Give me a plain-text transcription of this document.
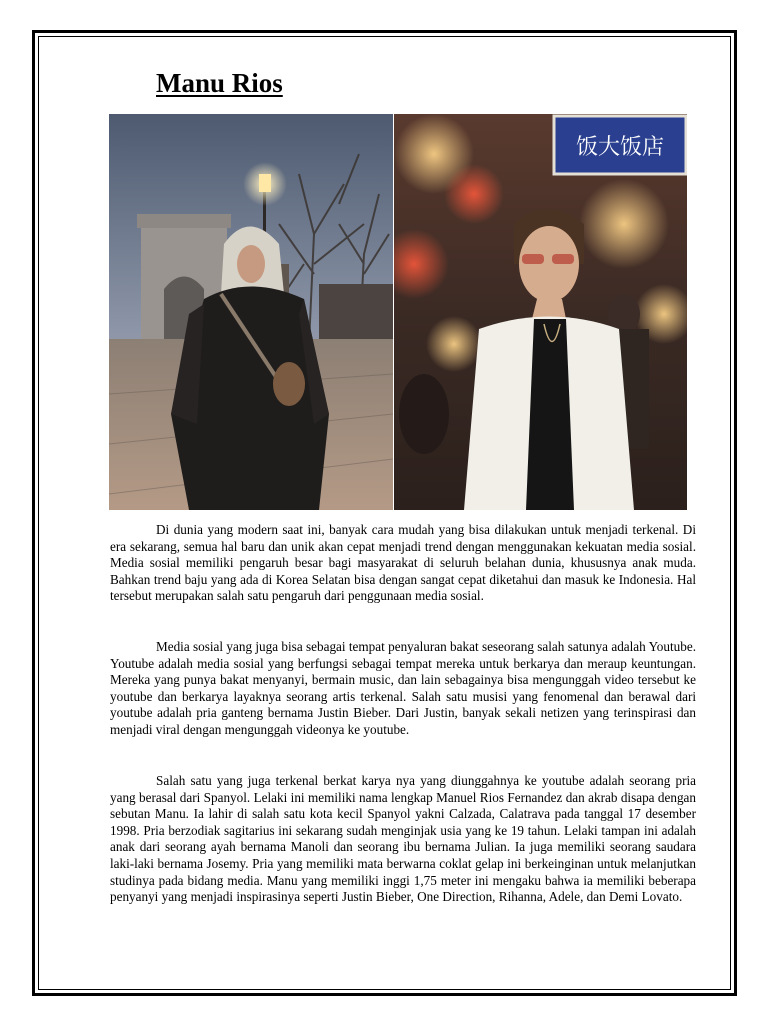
Manu Rios
饭大饭店

Di dunia yang modern saat ini, banyak cara mudah yang bisa dilakukan untuk menjadi terkenal. Di era sekarang, semua hal baru dan unik akan cepat menjadi trend dengan menggunakan kekuatan media sosial. Media sosial memiliki pengaruh besar bagi masyarakat di seluruh belahan dunia, khususnya anak muda. Bahkan trend baju yang ada di Korea Selatan bisa dengan sangat cepat diketahui dan masuk ke Indonesia. Hal tersebut merupakan salah satu pengaruh dari penggunaan media sosial.

Media sosial yang juga bisa sebagai tempat penyaluran bakat seseorang salah satunya adalah Youtube. Youtube adalah media sosial yang berfungsi sebagai tempat mereka untuk berkarya dan meraup keuntungan. Mereka yang punya bakat menyanyi, bermain music, dan lain sebagainya bisa mengunggah video tersebut ke youtube dan berkarya layaknya seorang artis terkenal. Salah satu musisi yang fenomenal dan berawal dari youtube adalah pria ganteng bernama Justin Bieber. Dari Justin, banyak sekali netizen yang terinspirasi dan menjadi viral dengan mengunggah videonya ke youtube.

Salah satu yang juga terkenal berkat karya nya yang diunggahnya ke youtube adalah seorang pria yang berasal dari Spanyol. Lelaki ini memiliki nama lengkap Manuel Rios Fernandez dan akrab disapa dengan sebutan Manu. Ia lahir di salah satu kota kecil Spanyol yakni Calzada, Calatrava pada tanggal 17 desember 1998. Pria berzodiak sagitarius ini sekarang sudah menginjak usia yang ke 19 tahun. Lelaki tampan ini adalah anak dari seorang ayah bernama Manoli dan seorang ibu bernama Julian. Ia juga memiliki seorang saudara laki-laki bernama Josemy. Pria yang memiliki mata berwarna coklat gelap ini berkeinginan untuk melanjutkan studinya pada bidang media. Manu yang memiliki inggi 1,75 meter ini mengaku bahwa ia memiliki beberapa penyanyi yang menjadi inspirasinya seperti Justin Bieber, One Direction, Rihanna, Adele, dan Demi Lovato.
